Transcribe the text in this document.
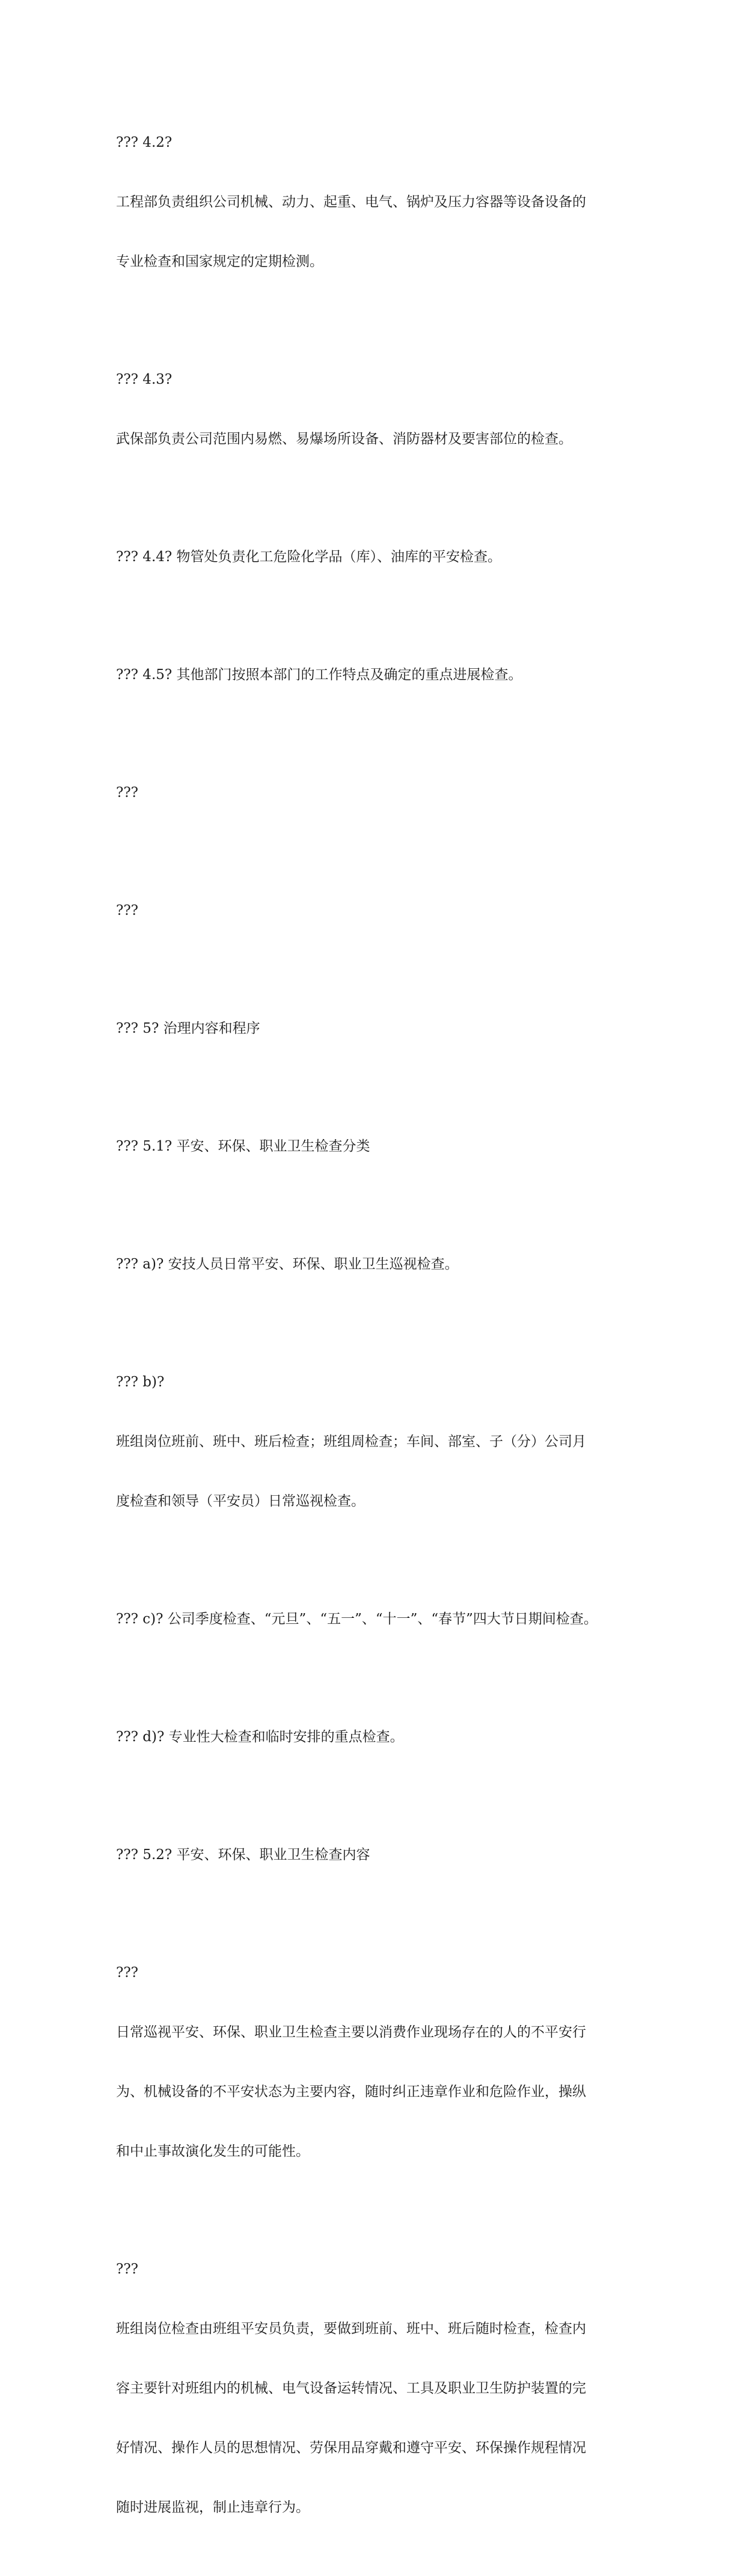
??? 4.2?

工程部负责组织公司机械、动力、起重、电气、锅炉及压力容器等设备设备的

专业检查和国家规定的定期检测。

??? 4.3?

武保部负责公司范围内易燃、易爆场所设备、消防器材及要害部位的检查。

??? 4.4? 物管处负责化工危险化学品（库）、油库的平安检查。

??? 4.5? 其他部门按照本部门的工作特点及确定的重点进展检查。

???

???

??? 5? 治理内容和程序

??? 5.1? 平安、环保、职业卫生检查分类

??? a)? 安技人员日常平安、环保、职业卫生巡视检查。

??? b)?

班组岗位班前、班中、班后检查；班组周检查；车间、部室、子（分）公司月

度检查和领导（平安员）日常巡视检查。

??? c)? 公司季度检查、“元旦”、“五一”、“十一”、“春节”四大节日期间检查。

??? d)? 专业性大检查和临时安排的重点检查。

??? 5.2? 平安、环保、职业卫生检查内容

???

日常巡视平安、环保、职业卫生检查主要以消费作业现场存在的人的不平安行

为、机械设备的不平安状态为主要内容，随时纠正违章作业和危险作业，操纵

和中止事故演化发生的可能性。

???

班组岗位检查由班组平安员负责，要做到班前、班中、班后随时检查，检查内

容主要针对班组内的机械、电气设备运转情况、工具及职业卫生防护装置的完

好情况、操作人员的思想情况、劳保用品穿戴和遵守平安、环保操作规程情况

随时进展监视，制止违章行为。
